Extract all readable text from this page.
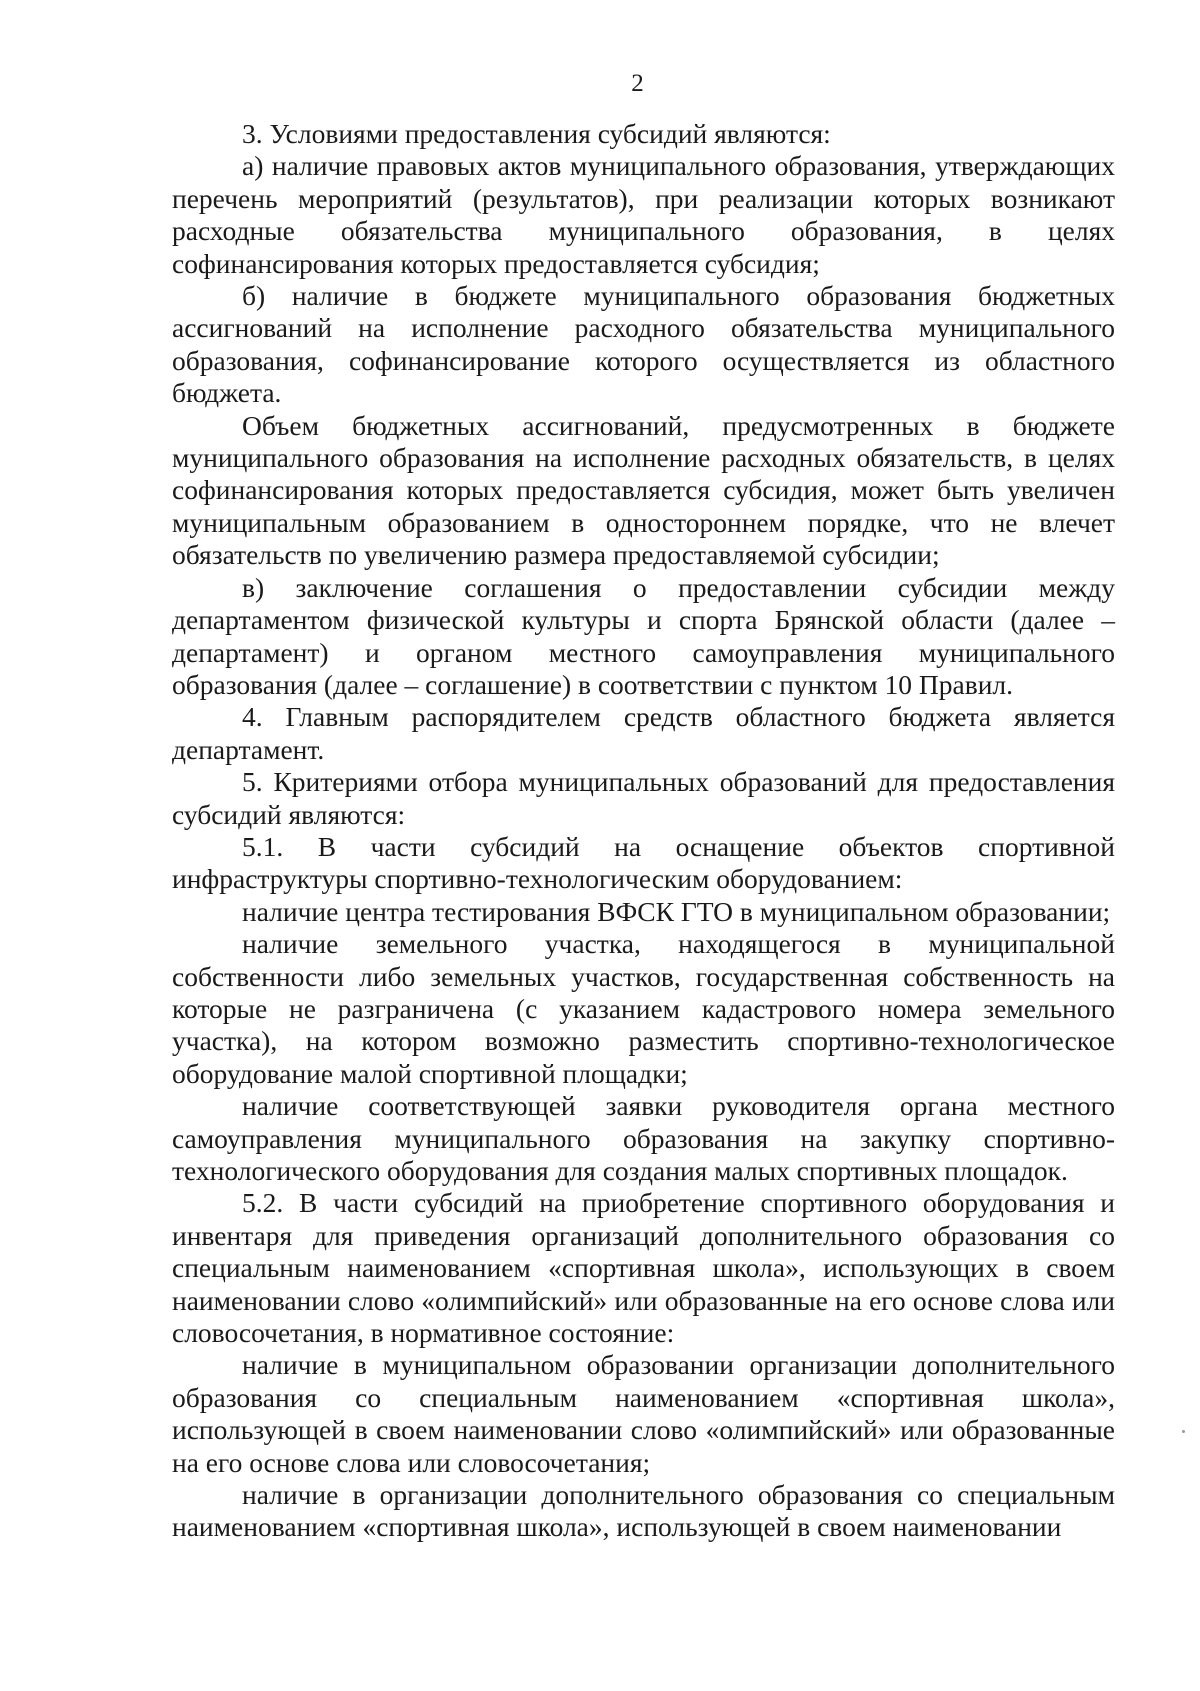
2

3. Условиями предоставления субсидий являются:

а) наличие правовых актов муниципального образования, утверждающих перечень мероприятий (результатов), при реализации которых возникают расходные обязательства муниципального образования, в целях софинансирования которых предоставляется субсидия;

б) наличие в бюджете муниципального образования бюджетных ассигнований на исполнение расходного обязательства муниципального образования, софинансирование которого осуществляется из областного бюджета.

Объем бюджетных ассигнований, предусмотренных в бюджете муниципального образования на исполнение расходных обязательств, в целях софинансирования которых предоставляется субсидия, может быть увеличен муниципальным образованием в одностороннем порядке, что не влечет обязательств по увеличению размера предоставляемой субсидии;

в) заключение соглашения о предоставлении субсидии между департаментом физической культуры и спорта Брянской области (далее – департамент) и органом местного самоуправления муниципального образования (далее – соглашение) в соответствии с пунктом 10 Правил.

4. Главным распорядителем средств областного бюджета является департамент.

5. Критериями отбора муниципальных образований для предоставления субсидий являются:

5.1. В части субсидий на оснащение объектов спортивной инфраструктуры спортивно-технологическим оборудованием:

наличие центра тестирования ВФСК ГТО в муниципальном образовании;

наличие земельного участка, находящегося в муниципальной собственности либо земельных участков, государственная собственность на которые не разграничена (с указанием кадастрового номера земельного участка), на котором возможно разместить спортивно-технологическое оборудование малой спортивной площадки;

наличие соответствующей заявки руководителя органа местного самоуправления муниципального образования на закупку спортивно-технологического оборудования для создания малых спортивных площадок.

5.2. В части субсидий на приобретение спортивного оборудования и инвентаря для приведения организаций дополнительного образования со специальным наименованием «спортивная школа», использующих в своем наименовании слово «олимпийский» или образованные на его основе слова или словосочетания, в нормативное состояние:

наличие в муниципальном образовании организации дополнительного образования со специальным наименованием «спортивная школа», использующей в своем наименовании слово «олимпийский» или образованные на его основе слова или словосочетания;

наличие в организации дополнительного образования со специальным наименованием «спортивная школа», использующей в своем наименовании
